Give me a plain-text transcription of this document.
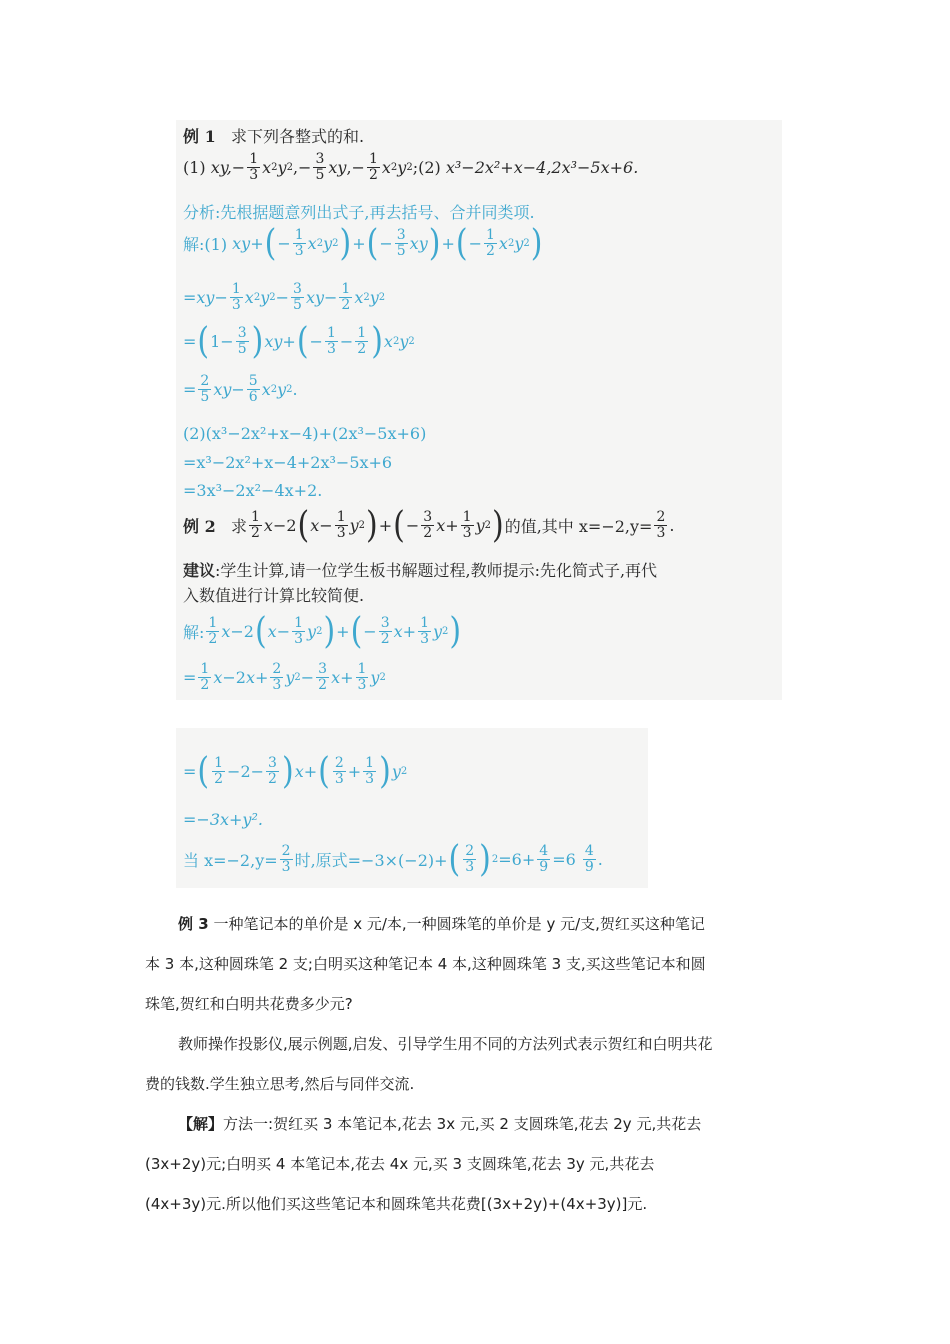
例 1
求下列各整式的和.
(1)
$xy,- \frac{1}{3}$ x 2 y 2 ,− $\frac{3}{5}$ xy ,− $\frac{1}{2}$ x 2 y 2 ; (2)
x³−2x²+x−4,2x³−5x+6.
分析:先根据题意列出式子,再去括号、合并同类项.
解:(1)
xy + ( − $\frac{1}{3}$ x 2 y 2 ) + ( − $\frac{3}{5}$ xy ) + ( − $\frac{1}{2}$ x 2 y 2 )
= xy − $\frac{1}{3}$ x 2 y $2 - \frac{3}{5}$ xy − $\frac{1}{2}$ x 2 y 2
= ( $1- \frac{3}{5}$ ) xy + ( − $\frac{1}{3} - \frac{1}{2}$ ) x 2 y 2
= $\frac{2}{5}$ xy − $\frac{5}{6}$ x 2 y 2 .
(2)(x³−2x²+x−4)+(2x³−5x+6)
=x³−2x²+x−4+2x³−5x+6
=3x³−2x²−4x+2.
例 2
求 $\frac{1}{2}$ x −2 ( $x - \frac{1}{3}$ y 2 ) + ( − $\frac{3}{2}$ $x + \frac{1}{3}$ y 2 ) 的值,其中 $x=-2,y= \frac{2}{3}$ .
建议 :学生计算,请一位学生板书解题过程,教师提示:先化简式子,再代
入数值进行计算比较简便.
解: $\frac{1}{2}$ x −2 ( $x - \frac{1}{3}$ y 2 ) + ( − $\frac{3}{2}$ $x + \frac{1}{3}$ y 2 )
= $\frac{1}{2}$ x −2 $x + \frac{2}{3}$ y $2 - \frac{3}{2}$ $x + \frac{1}{3}$ y 2
= ( $\frac{1}{2} -2- \frac{3}{2}$ ) x + ( $\frac{2}{3} + \frac{1}{3}$ ) y 2
=−3x+y².
当 $x=-2,y= \frac{2}{3}$ 时,原式=−3×(−2)+ ( $\frac{2}{3}$ ) $2 =6+ \frac{4}{9} =6$
$\frac{4}{9}$ .
例 3 一种笔记本的单价是 x 元/本,一种圆珠笔的单价是 y 元/支,贺红买这种笔记
本 3 本,这种圆珠笔 2 支;白明买这种笔记本 4 本,这种圆珠笔 3 支,买这些笔记本和圆
珠笔,贺红和白明共花费多少元?
教师操作投影仪,展示例题,启发、引导学生用不同的方法列式表示贺红和白明共花
费的钱数.学生独立思考,然后与同伴交流.
【解】方法一:贺红买 3 本笔记本,花去 3x 元,买 2 支圆珠笔,花去 2y 元,共花去
(3x+2y)元;白明买 4 本笔记本,花去 4x 元,买 3 支圆珠笔,花去 3y 元,共花去
(4x+3y)元.所以他们买这些笔记本和圆珠笔共花费[(3x+2y)+(4x+3y)]元.
